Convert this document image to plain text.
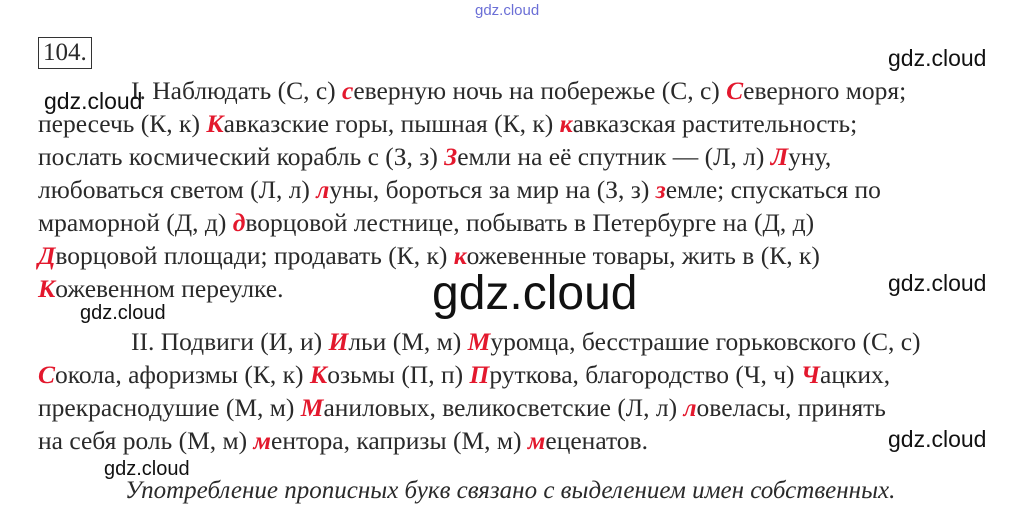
gdz.cloud
104.
I. Наблюдать (С, с) северную ночь на побережье (С, с) Северного моря;
пересечь (К, к) Кавказские горы, пышная (К, к) кавказская растительность;
послать космический корабль с (З, з) Земли на её спутник — (Л, л) Луну,
любоваться светом (Л, л) луны, бороться за мир на (З, з) земле; спускаться по
мраморной (Д, д) дворцовой лестнице, побывать в Петербурге на (Д, д)
Дворцовой площади; продавать (К, к) кожевенные товары, жить в (К, к)
Кожевенном переулке.
II. Подвиги (И, и) Ильи (М, м) Муромца, бесстрашие горьковского (С, с)
Сокола, афоризмы (К, к) Козьмы (П, п) Пруткова, благородство (Ч, ч) Чацких,
прекраснодушие (М, м) Маниловых, великосветские (Л, л) ловеласы, принять
на себя роль (М, м) ментора, капризы (М, м) меценатов.
Употребление прописных букв связано с выделением имен собственных.
gdz.cloud
gdz.cloud
gdz.cloud
gdz.cloud
gdz.cloud
gdz.cloud
gdz.cloud
